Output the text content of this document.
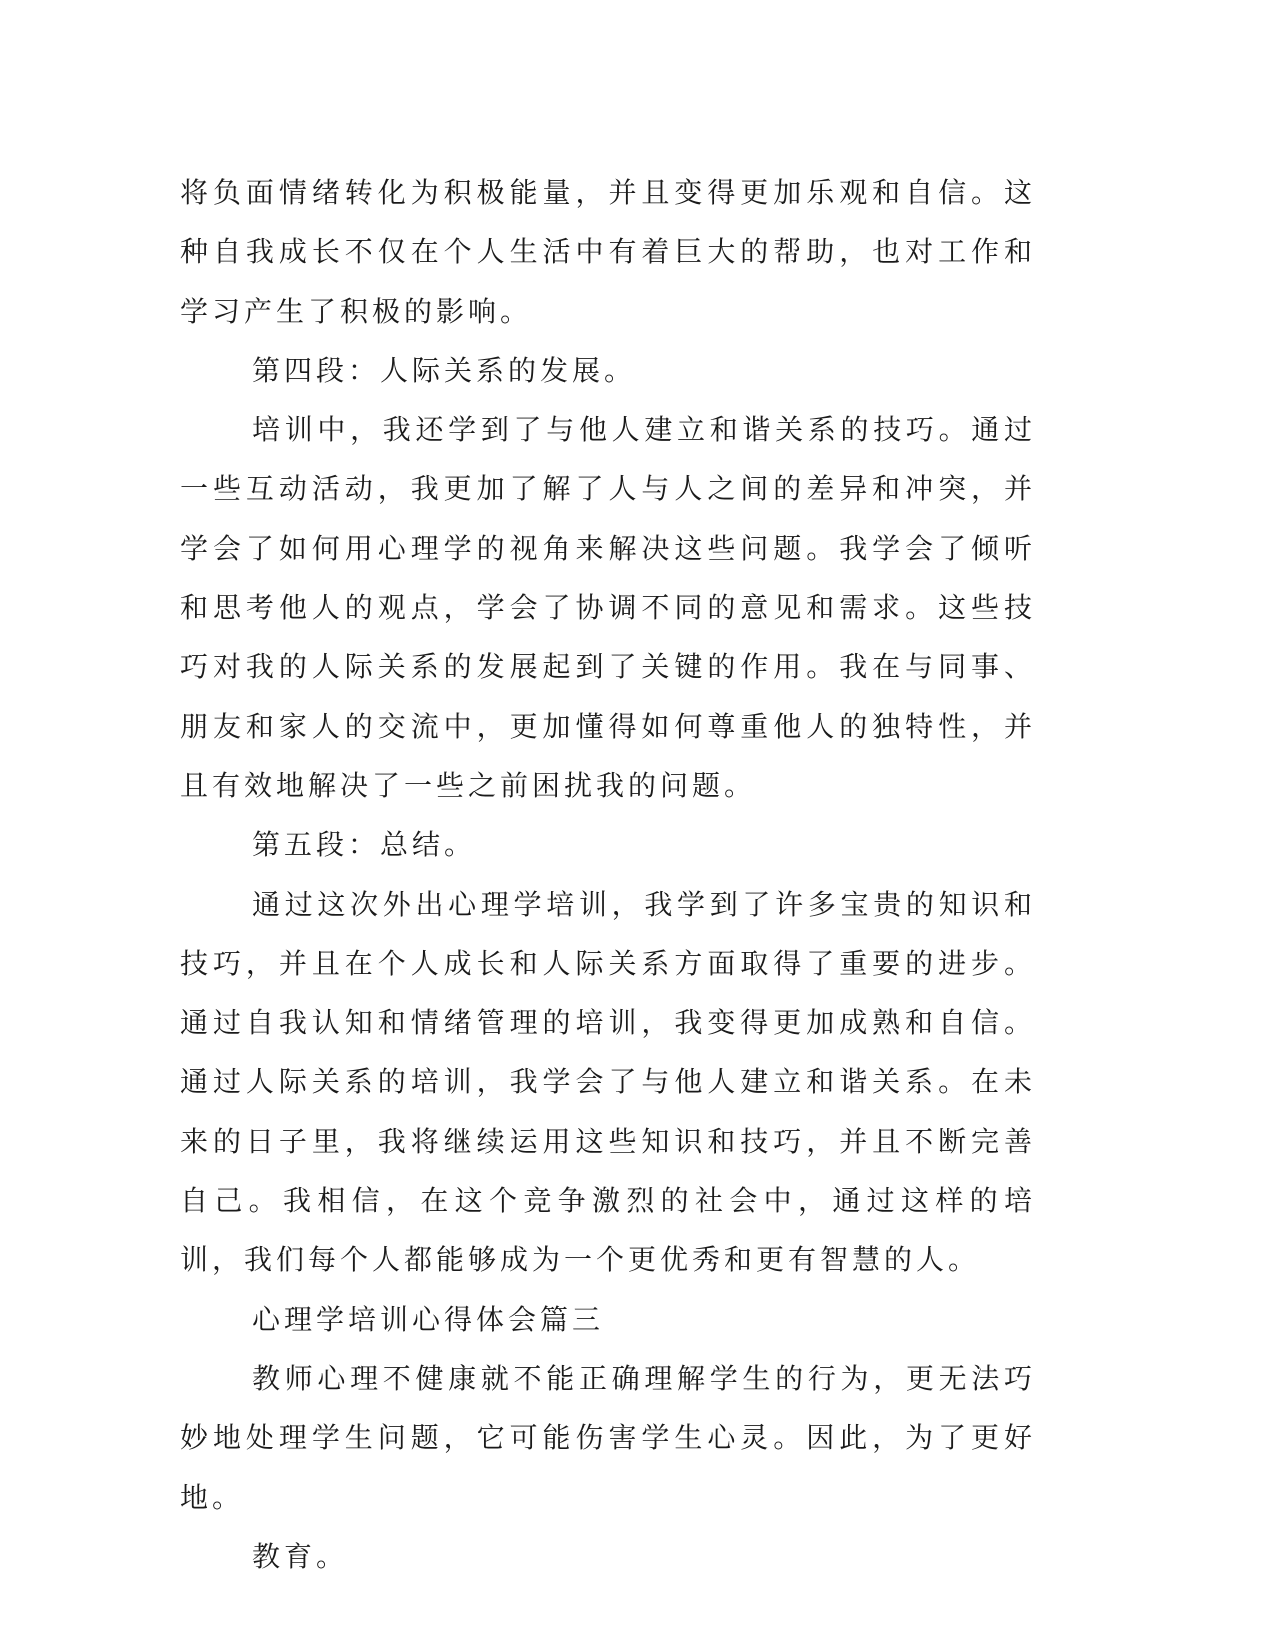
将负面情绪转化为积极能量，并且变得更加乐观和自信。这种自我成长不仅在个人生活中有着巨大的帮助，也对工作和学习产生了积极的影响。

第四段：人际关系的发展。

培训中，我还学到了与他人建立和谐关系的技巧。通过一些互动活动，我更加了解了人与人之间的差异和冲突，并学会了如何用心理学的视角来解决这些问题。我学会了倾听和思考他人的观点，学会了协调不同的意见和需求。这些技巧对我的人际关系的发展起到了关键的作用。我在与同事、朋友和家人的交流中，更加懂得如何尊重他人的独特性，并且有效地解决了一些之前困扰我的问题。

第五段：总结。

通过这次外出心理学培训，我学到了许多宝贵的知识和技巧，并且在个人成长和人际关系方面取得了重要的进步。通过自我认知和情绪管理的培训，我变得更加成熟和自信。通过人际关系的培训，我学会了与他人建立和谐关系。在未来的日子里，我将继续运用这些知识和技巧，并且不断完善自己。我相信，在这个竞争激烈的社会中，通过这样的培训，我们每个人都能够成为一个更优秀和更有智慧的人。

心理学培训心得体会篇三

教师心理不健康就不能正确理解学生的行为，更无法巧妙地处理学生问题，它可能伤害学生心灵。因此，为了更好地。

教育。
